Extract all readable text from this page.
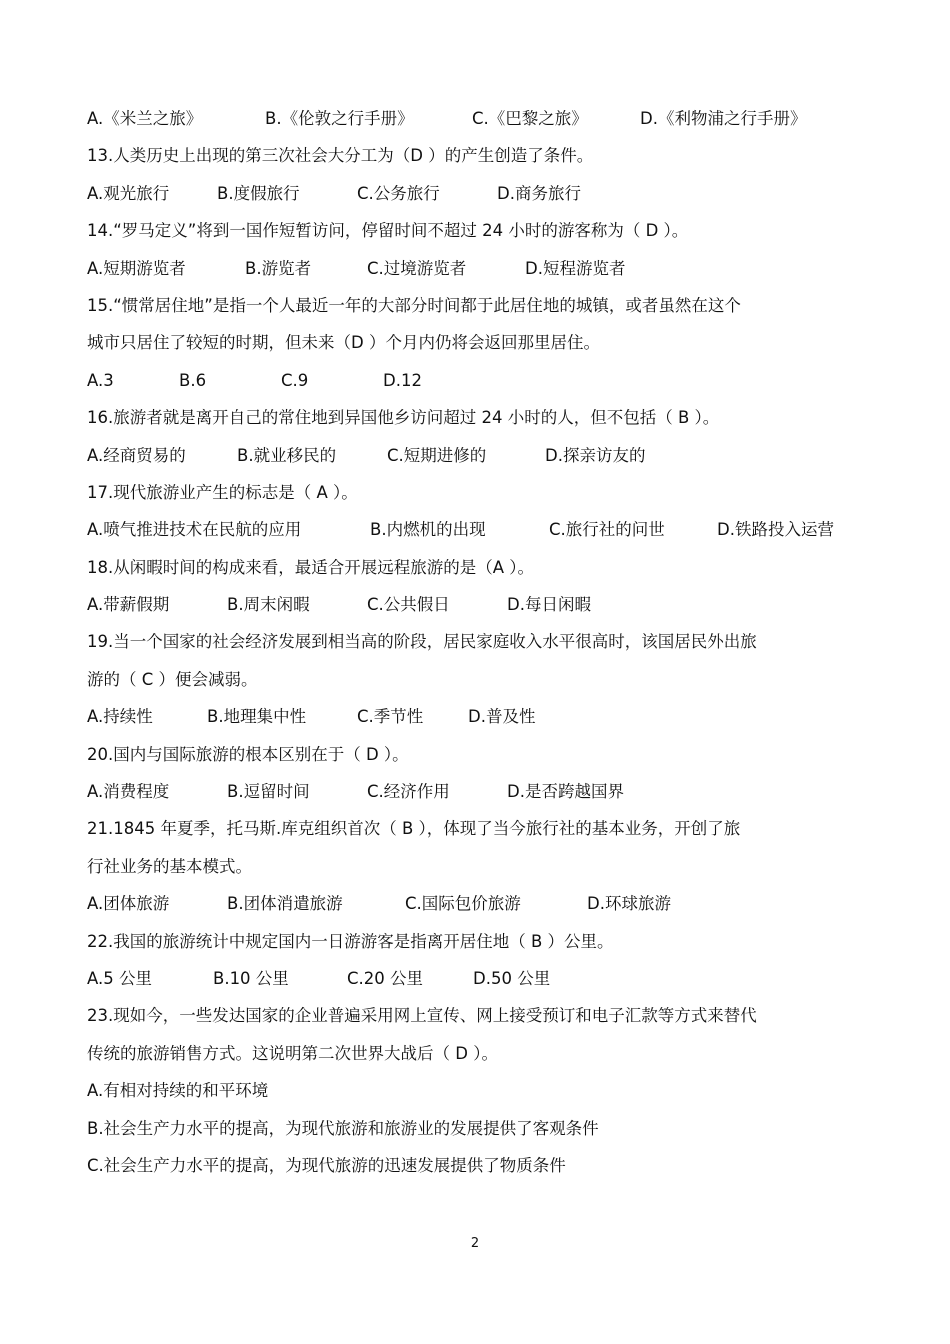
A.《米兰之旅》	B.《伦敦之行手册》	C.《巴黎之旅》	D.《利物浦之行手册》
13.人类历史上出现的第三次社会大分工为（D ）的产生创造了条件。
A.观光旅行	B.度假旅行	C.公务旅行	D.商务旅行
14.“罗马定义”将到一国作短暂访问，停留时间不超过 24 小时的游客称为（ D ）。
A.短期游览者	B.游览者	C.过境游览者	D.短程游览者
15.“惯常居住地”是指一个人最近一年的大部分时间都于此居住地的城镇，或者虽然在这个
城市只居住了较短的时期，但未来（D ）个月内仍将会返回那里居住。
A.3	B.6	C.9	D.12
16.旅游者就是离开自己的常住地到异国他乡访问超过 24 小时的人，但不包括（ B ）。
A.经商贸易的	B.就业移民的	C.短期进修的	D.探亲访友的
17.现代旅游业产生的标志是（ A ）。
A.喷气推进技术在民航的应用	B.内燃机的出现	C.旅行社的问世	D.铁路投入运营
18.从闲暇时间的构成来看，最适合开展远程旅游的是（A ）。
A.带薪假期	B.周末闲暇	C.公共假日	D.每日闲暇
19.当一个国家的社会经济发展到相当高的阶段，居民家庭收入水平很高时，该国居民外出旅
游的（ C ）便会减弱。
A.持续性	B.地理集中性	C.季节性	D.普及性
20.国内与国际旅游的根本区别在于（ D ）。
A.消费程度	B.逗留时间	C.经济作用	D.是否跨越国界
21.1845 年夏季，托马斯.库克组织首次（ B ），体现了当今旅行社的基本业务，开创了旅
行社业务的基本模式。
A.团体旅游	B.团体消遣旅游	C.国际包价旅游	D.环球旅游
22.我国的旅游统计中规定国内一日游游客是指离开居住地（ B ）公里。
A.5 公里	B.10 公里	C.20 公里	D.50 公里
23.现如今，一些发达国家的企业普遍采用网上宣传、网上接受预订和电子汇款等方式来替代
传统的旅游销售方式。这说明第二次世界大战后（ D ）。
A.有相对持续的和平环境
B.社会生产力水平的提高，为现代旅游和旅游业的发展提供了客观条件
C.社会生产力水平的提高，为现代旅游的迅速发展提供了物质条件
2
